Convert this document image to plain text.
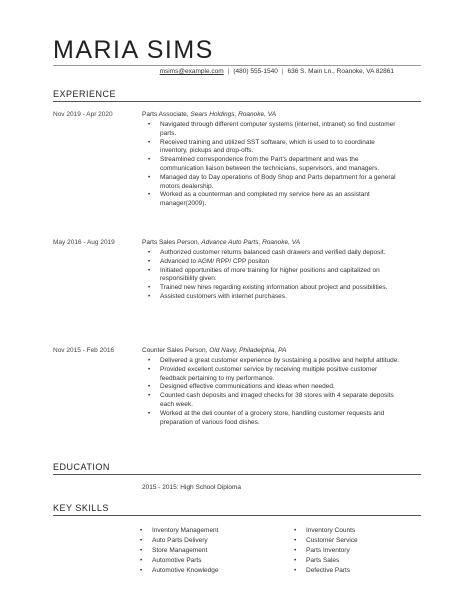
MARIA SIMS
msims@example.com | (480) 555-1540 | 636 S. Main Ln., Roanoke, VA 82861
EXPERIENCE
Nov 2019 - Apr 2020	Parts Associate, Sears Holdings, Roanoke, VA
• Navigated through different computer systems (internet, intranet) so find customer parts.
• Received training and utilized SST software, which is used to to coordinate inventory, pickups and drop-offs.
• Streamlined correspondence from the Part's department and was the communication liaison between the technicians, supervisors, and managers.
• Managed day to Day operations of Body Shop and Parts department for a general motors dealership.
• Worked as a counterman and completed my service here as an assistant manager(2009).
May 2016 - Aug 2019	Parts Sales Person, Advance Auto Parts, Roanoke, VA
• Authorized customer returns balanced cash drawers and verified daily deposit.
• Advanced to AGM/ RPP/ CPP positon
• Initiated opportunities of more training for higher positions and capitalized on responsibility given.
• Trained new hires regarding existing information about project and possibilities.
• Assisted customers with internet purchases.
Nov 2015 - Feb 2016	Counter Sales Person, Old Navy, Philadelphia, PA
• Delivered a great customer experience by sustaining a positive and helpful attitude.
• Provided excellent customer service by receiving multiple positive customer feedback pertaining to my performance.
• Designed effective communications and ideas when needed.
• Counted cash deposits and imaged checks for 38 stores with 4 separate deposits each week.
• Worked at the deli counter of a grocery store, handling customer requests and preparation of various food dishes.
EDUCATION
2015 - 2015: High School Diploma
KEY SKILLS
• Inventory Management
• Auto Parts Delivery
• Store Management
• Automotive Parts
• Automotive Knowledge
• Inventory Counts
• Customer Service
• Parts Inventory
• Parts Sales
• Defective Parts
